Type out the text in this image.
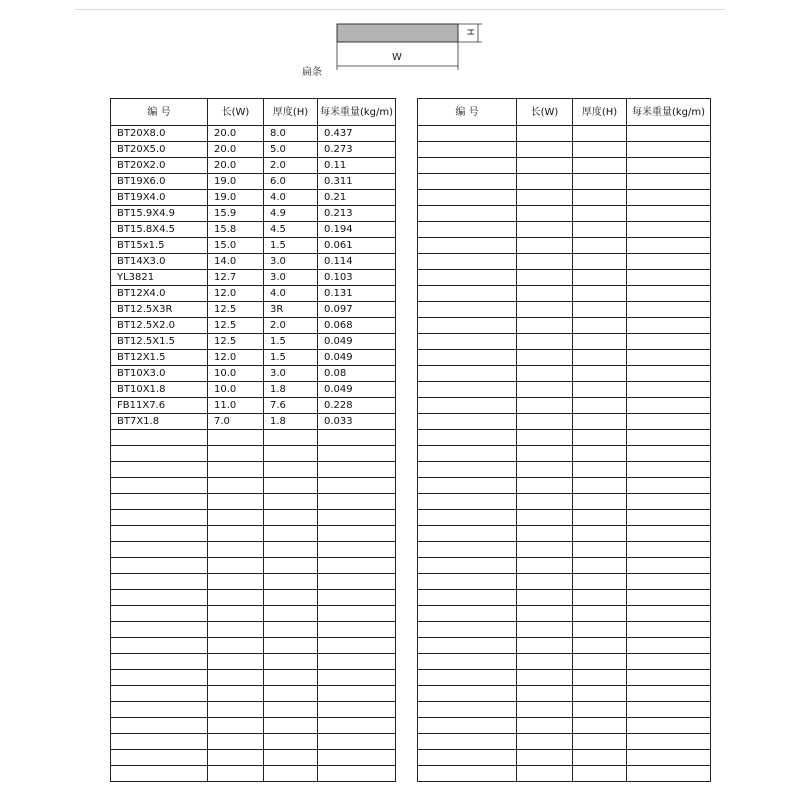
W
H
扁条
编 号	长(W)	厚度(H)	每米重量(kg/m)
BT20X8.0	20.0	8.0	0.437
BT20X5.0	20.0	5.0	0.273
BT20X2.0	20.0	2.0	0.11
BT19X6.0	19.0	6.0	0.311
BT19X4.0	19.0	4.0	0.21
BT15.9X4.9	15.9	4.9	0.213
BT15.8X4.5	15.8	4.5	0.194
BT15x1.5	15.0	1.5	0.061
BT14X3.0	14.0	3.0	0.114
YL3821	12.7	3.0	0.103
BT12X4.0	12.0	4.0	0.131
BT12.5X3R	12.5	3R	0.097
BT12.5X2.0	12.5	2.0	0.068
BT12.5X1.5	12.5	1.5	0.049
BT12X1.5	12.0	1.5	0.049
BT10X3.0	10.0	3.0	0.08
BT10X1.8	10.0	1.8	0.049
FB11X7.6	11.0	7.6	0.228
BT7X1.8	7.0	1.8	0.033

编 号	长(W)	厚度(H)	每米重量(kg/m)
